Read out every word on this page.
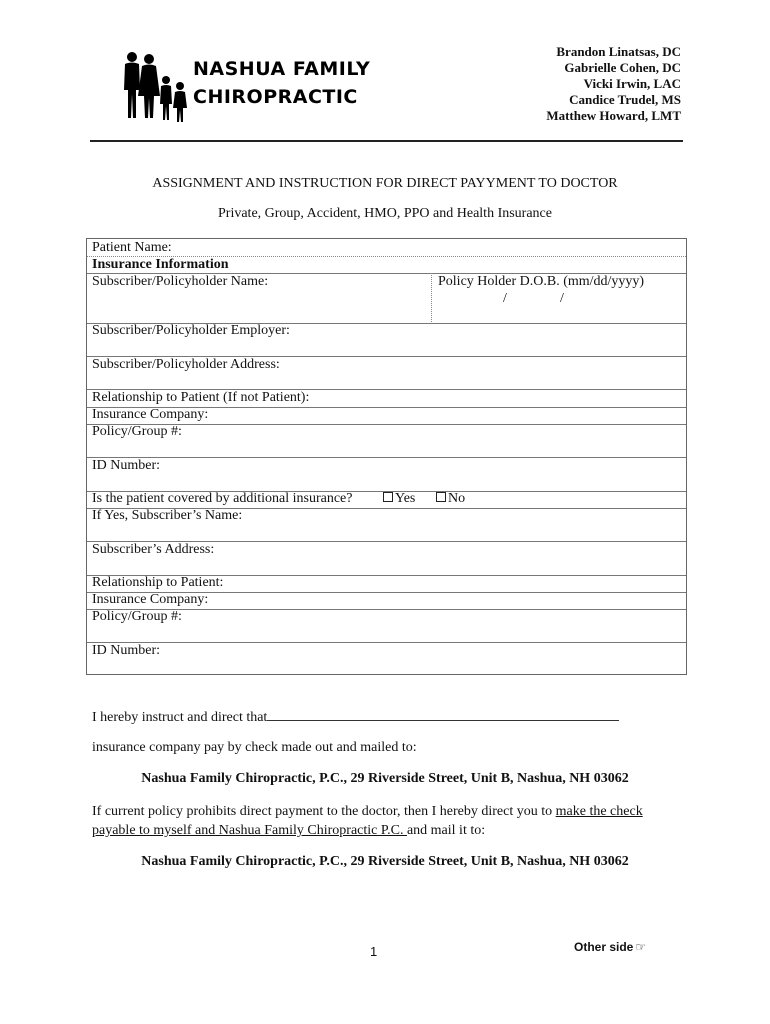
NASHUA FAMILY
CHIROPRACTIC
Brandon Linatsas, DC
Gabrielle Cohen, DC
Vicki Irwin, LAC
Candice Trudel, MS
Matthew Howard, LMT
ASSIGNMENT AND INSTRUCTION FOR DIRECT PAYYMENT TO DOCTOR
Private, Group, Accident, HMO, PPO and Health Insurance
Patient Name:
Insurance Information
Subscriber/Policyholder Name:	Policy Holder D.O.B. (mm/dd/yyyy)
/	/
Subscriber/Policyholder Employer:
Subscriber/Policyholder Address:
Relationship to Patient (If not Patient):
Insurance Company:
Policy/Group #:
ID Number:
Is the patient covered by additional insurance?	Yes	No
If Yes, Subscriber’s Name:
Subscriber’s Address:
Relationship to Patient:
Insurance Company:
Policy/Group #:
ID Number:
I hereby instruct and direct that
insurance company pay by check made out and mailed to:
Nashua Family Chiropractic, P.C., 29 Riverside Street, Unit B, Nashua, NH 03062
If current policy prohibits direct payment to the doctor, then I hereby direct you to make the check
payable to myself and Nashua Family Chiropractic P.C. and mail it to:
Nashua Family Chiropractic, P.C., 29 Riverside Street, Unit B, Nashua, NH 03062
1	Other side ☞
